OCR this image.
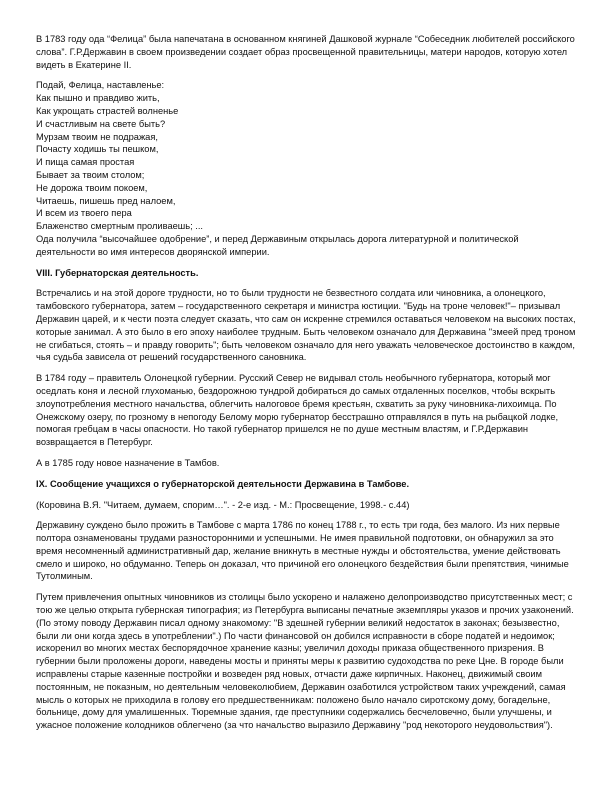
В 1783 году ода “Фелица” была напечатана в основанном княгиней Дашковой журнале “Собеседник любителей российского слова”. Г.Р.Державин в своем произведении создает образ просвещенной правительницы, матери народов, которую хотел видеть в Екатерине II.

Подай, Фелица, наставленье:
Как пышно и правдиво жить,
Как укрощать страстей волненье
И счастливым на свете быть?
Мурзам твоим не подражая,
Почасту ходишь ты пешком,
И пища самая простая
Бывает за твоим столом;
Не дорожа твоим покоем,
Читаешь, пишешь пред налоем,
И всем из твоего пера
Блаженство смертным проливаешь; ...

Ода получила “высочайшее одобрение”, и перед Державиным открылась дорога литературной и политической деятельности во имя интересов дворянской империи.

VIII. Губернаторская деятельность.

Встречались и на этой дороге трудности, но то были трудности не безвестного солдата или чиновника, а олонецкого, тамбовского губернатора, затем – государственного секретаря и министра юстиции. "Будь на троне человек!"– призывал Державин царей, и к чести поэта следует сказать, что сам он искренне стремился оставаться человеком на высоких постах, которые занимал. А это было в ero эпоху наиболее трудным. Быть человеком означало для Державина "змеей пред троном не сгибаться, стоять – и правду говорить"; быть человеком означало для него уважать человеческое достоинство в каждом, чья судьба зависела от решений государственного сановника.

В 1784 году – правитель Олонецкой губернии. Русский Север не видывал столь необычного губернатора, который мог оседлать коня и лесной глухоманью, бездорожною тундрой добираться до самых отдаленных поселков, чтобы вскрыть злоупотребления местного начальства, облегчить налоговое бремя крестьян, схватить за руку чиновника-лихоимца. По Онежскому озеру, по грозному в непогоду Белому морю губернатор бесстрашно отправлялся в путь на рыбацкой лодке, помогая гребцам в часы опасности. Но такой губернатор пришелся не по душе местным властям, и Г.Р.Державин возвращается в Петербург.

А в 1785 году новое назначение в Тамбов.

IX. Сообщение учащихся о губернаторской деятельности Державина в Тамбове.

(Коровина В.Я. "Читаем, думаем, спорим…". - 2-е изд. - М.: Просвещение, 1998.- с.44)

Державину суждено было прожить в Тамбове с марта 1786 по конец 1788 г., то есть три года, без малого. Из них первые полтора ознаменованы трудами разносторонними и успешными. Не имея правильной подготовки, он обнаружил за это время несомненный административный дар, желание вникнуть в местные нужды и обстоятельства, умение действовать смело и широко, но обдуманно. Теперь он доказал, что причиной его олонецкого бездействия были препятствия, чинимые Тутолминым.

Путем привлечения опытных чиновников из столицы было ускорено и налажено делопроизводство присутственных мест; с тою же целью открыта губернская типография; из Петербурга выписаны печатные экземпляры указов и прочих узаконений. (По этому поводу Державин писал одному знакомому: "В здешней губернии великий недостаток в законах; безызвестно, были ли они когда здесь в употреблении".) По части финансовой он добился исправности в сборе податей и недоимок; искоренил во многих местах беспорядочное хранение казны; увеличил доходы приказа общественного призрения. В губернии были проложены дороги, наведены мосты и приняты меры к развитию судоходства по реке Цне. В городе были исправлены старые казенные постройки и возведен ряд новых, отчасти даже кирпичных. Наконец, движимый своим постоянным, не показным, но деятельным человеколюбием, Державин озаботился устройством таких учреждений, самая мысль о которых не приходила в голову его предшественникам: положено было начало сиротскому дому, богадельне, больнице, дому для умалишенных. Тюремные здания, где преступники содержались бесчеловечно, были улучшены, и ужасное положение колодников облегчено (за что начальство выразило Державину "род некоторого неудовольствия").
